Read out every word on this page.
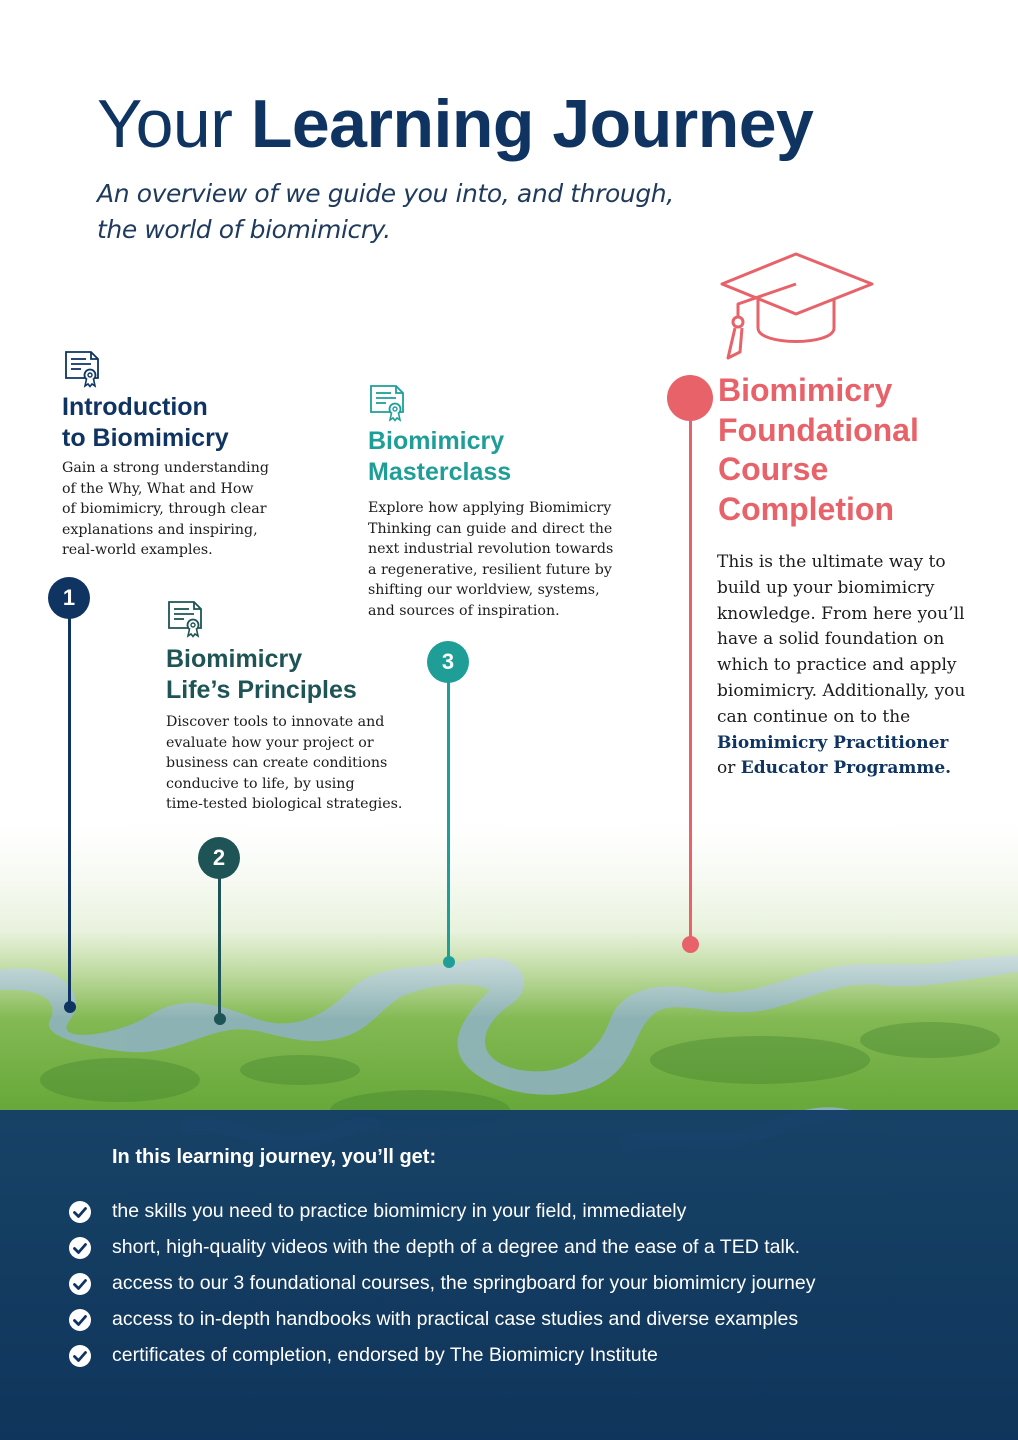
Your Learning Journey

An overview of we guide you into, and through,
the world of biomimicry.

Introduction
to Biomimicry
Gain a strong understanding
of the Why, What and How
of biomimicry, through clear
explanations and inspiring,
real-world examples.
1
Biomimicry
Life’s Principles
Discover tools to innovate and
evaluate how your project or
business can create conditions
conducive to life, by using
time-tested biological strategies.
2
Biomimicry
Masterclass
Explore how applying Biomimicry
Thinking can guide and direct the
next industrial revolution towards
a regenerative, resilient future by
shifting our worldview, systems,
and sources of inspiration.
3
Biomimicry
Foundational
Course
Completion
This is the ultimate way to
build up your biomimicry
knowledge. From here you’ll
have a solid foundation on
which to practice and apply
biomimicry. Additionally, you
can continue on to the
Biomimicry Practitioner
or Educator Programme.
In this learning journey, you’ll get:
the skills you need to practice biomimicry in your field, immediately
short, high-quality videos with the depth of a degree and the ease of a TED talk.
access to our 3 foundational courses, the springboard for your biomimicry journey
access to in-depth handbooks with practical case studies and diverse examples
certificates of completion, endorsed by The Biomimicry Institute
